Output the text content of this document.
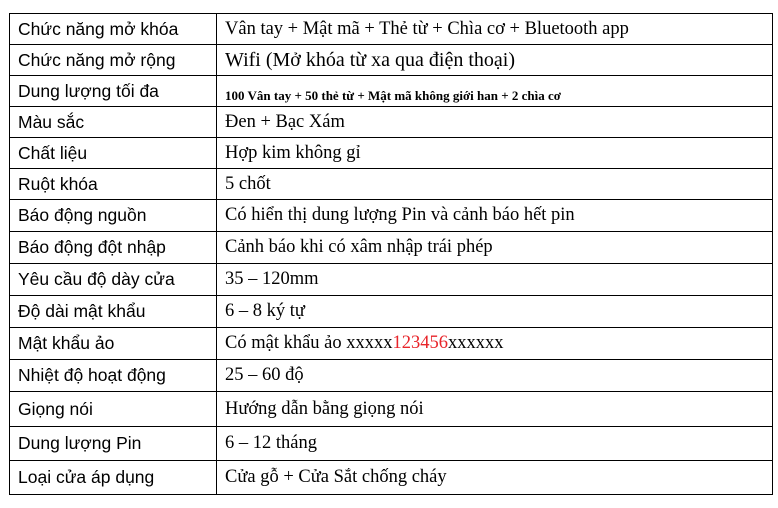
Chức năng mở khóa	Vân tay + Mật mã + Thẻ từ + Chìa cơ + Bluetooth app
Chức năng mở rộng	Wifi (Mở khóa từ xa qua điện thoại)
Dung lượng tối đa	100 Vân tay + 50 thẻ từ + Mật mã không giới han + 2 chìa cơ
Màu sắc	Đen + Bạc Xám
Chất liệu	Hợp kim không gỉ
Ruột khóa	5 chốt
Báo động nguồn	Có hiển thị dung lượng Pin và cảnh báo hết pin
Báo động đột nhập	Cảnh báo khi có xâm nhập trái phép
Yêu cầu độ dày cửa	35 – 120mm
Độ dài mật khẩu	6 – 8 ký tự
Mật khẩu ảo	Có mật khẩu ảo xxxxx123456xxxxxx
Nhiệt độ hoạt động	25 – 60 độ
Giọng nói	Hướng dẫn bằng giọng nói
Dung lượng Pin	6 – 12 tháng
Loại cửa áp dụng	Cửa gỗ + Cửa Sắt chống cháy
